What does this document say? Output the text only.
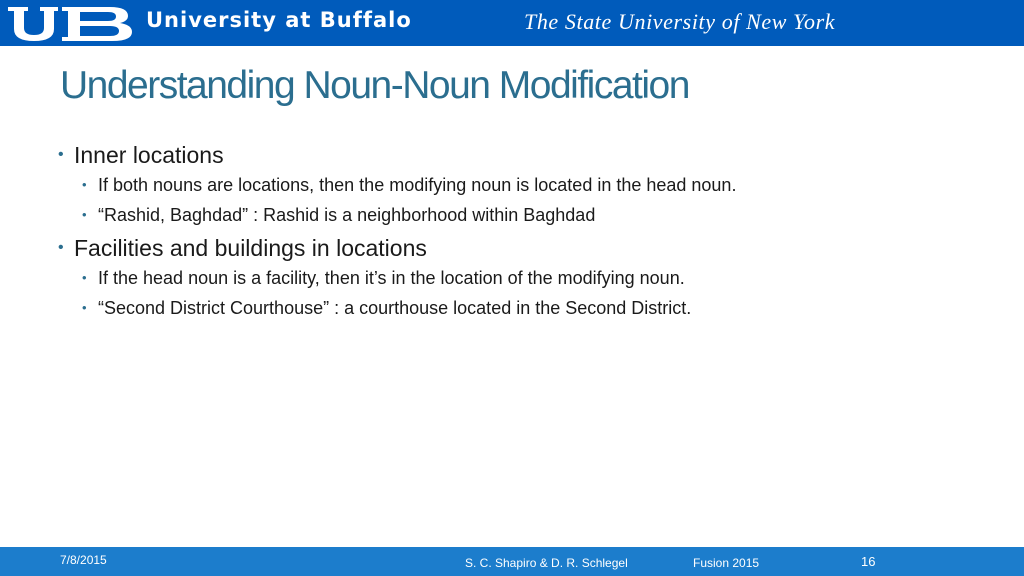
University at Buffalo	The State University of New York
Understanding Noun-Noun Modification
• Inner locations
• If both nouns are locations, then the modifying noun is located in the head noun.
• “Rashid, Baghdad” : Rashid is a neighborhood within Baghdad
• Facilities and buildings in locations
• If the head noun is a facility, then it’s in the location of the modifying noun.
• “Second District Courthouse” : a courthouse located in the Second District.
7/8/2015	S. C. Shapiro & D. R. Schlegel	Fusion 2015	16
